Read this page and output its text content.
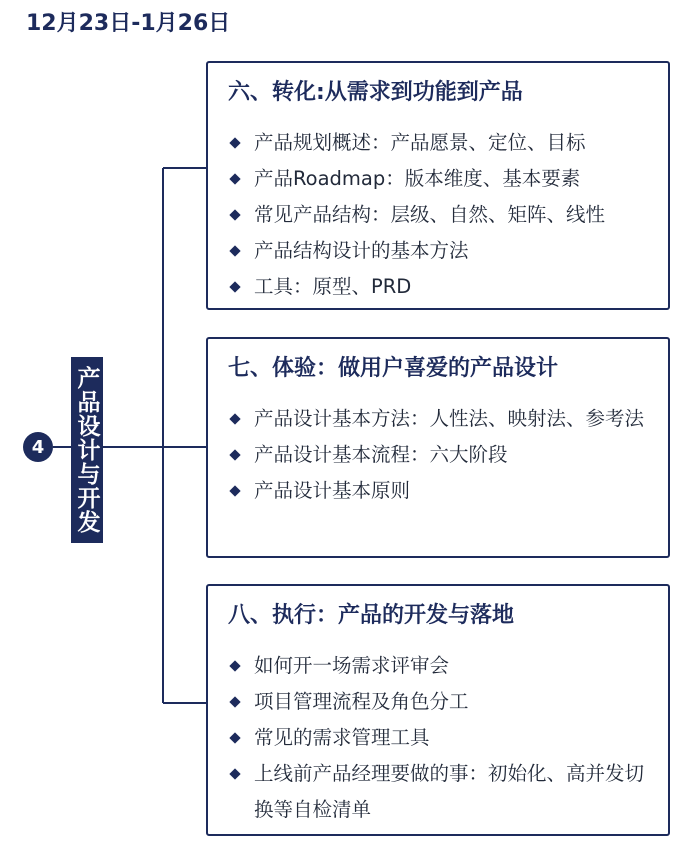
12月23日-1月26日
4	产品设计与开发
六、转化:从需求到功能到产品
产品规划概述：产品愿景、定位、目标
产品Roadmap：版本维度、基本要素
常见产品结构：层级、自然、矩阵、线性
产品结构设计的基本方法
工具：原型、PRD
七、体验：做用户喜爱的产品设计
产品设计基本方法：人性法、映射法、参考法
产品设计基本流程：六大阶段
产品设计基本原则
八、执行：产品的开发与落地
如何开一场需求评审会
项目管理流程及角色分工
常见的需求管理工具
上线前产品经理要做的事：初始化、高并发切换等自检清单
